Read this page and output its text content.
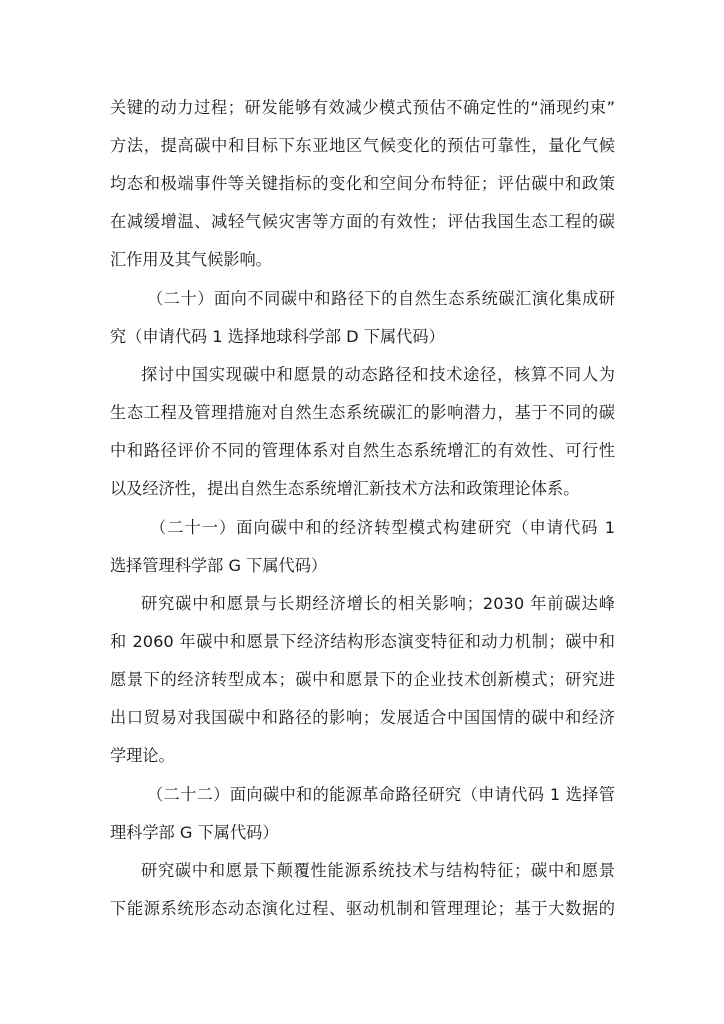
关键的动力过程；研发能够有效减少模式预估不确定性的“涌现约束”
方法，提高碳中和目标下东亚地区气候变化的预估可靠性，量化气候
均态和极端事件等关键指标的变化和空间分布特征；评估碳中和政策
在减缓增温、减轻气候灾害等方面的有效性；评估我国生态工程的碳
汇作用及其气候影响。
（二十）面向不同碳中和路径下的自然生态系统碳汇演化集成研
究（申请代码 1 选择地球科学部 D 下属代码）
探讨中国实现碳中和愿景的动态路径和技术途径，核算不同人为
生态工程及管理措施对自然生态系统碳汇的影响潜力，基于不同的碳
中和路径评价不同的管理体系对自然生态系统增汇的有效性、可行性
以及经济性，提出自然生态系统增汇新技术方法和政策理论体系。
（二十一）面向碳中和的经济转型模式构建研究（申请代码 1
选择管理科学部 G 下属代码）
研究碳中和愿景与长期经济增长的相关影响；2030 年前碳达峰
和 2060 年碳中和愿景下经济结构形态演变特征和动力机制；碳中和
愿景下的经济转型成本；碳中和愿景下的企业技术创新模式；研究进
出口贸易对我国碳中和路径的影响；发展适合中国国情的碳中和经济
学理论。
（二十二）面向碳中和的能源革命路径研究（申请代码 1 选择管
理科学部 G 下属代码）
研究碳中和愿景下颠覆性能源系统技术与结构特征；碳中和愿景
下能源系统形态动态演化过程、驱动机制和管理理论；基于大数据的
